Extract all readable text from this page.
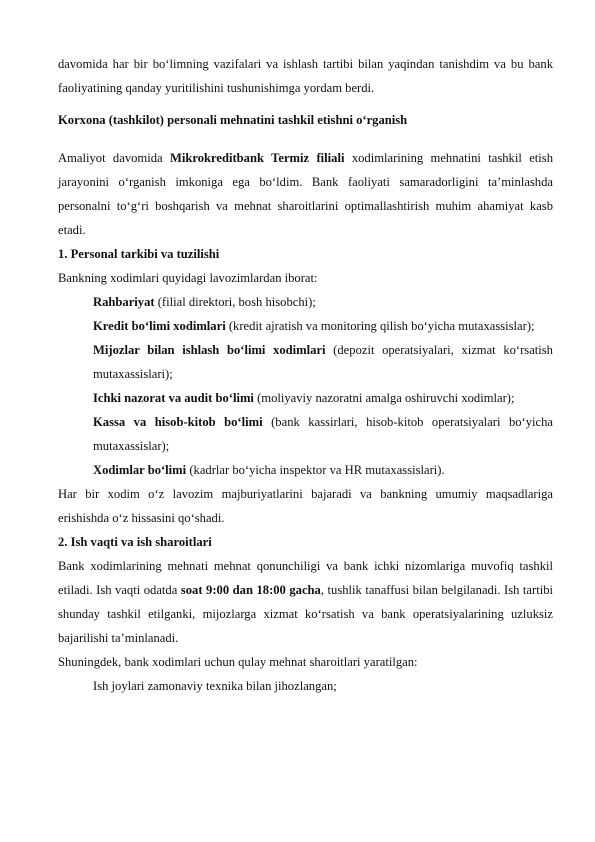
davomida har bir bo‘limning vazifalari va ishlash tartibi bilan yaqindan tanishdim va bu bank faoliyatining qanday yuritilishini tushunishimga yordam berdi.

Korxona (tashkilot) personali mehnatini tashkil etishni o‘rganish

Amaliyot davomida Mikrokreditbank Termiz filiali xodimlarining mehnatini tashkil etish jarayonini o‘rganish imkoniga ega bo‘ldim. Bank faoliyati samaradorligini ta’minlashda personalni to‘g‘ri boshqarish va mehnat sharoitlarini optimallashtirish muhim ahamiyat kasb etadi.

1. Personal tarkibi va tuzilishi

Bankning xodimlari quyidagi lavozimlardan iborat:

Rahbariyat (filial direktori, bosh hisobchi);

Kredit bo‘limi xodimlari (kredit ajratish va monitoring qilish bo‘yicha mutaxassislar);

Mijozlar bilan ishlash bo‘limi xodimlari (depozit operatsiyalari, xizmat ko‘rsatish mutaxassislari);

Ichki nazorat va audit bo‘limi (moliyaviy nazoratni amalga oshiruvchi xodimlar);

Kassa va hisob-kitob bo‘limi (bank kassirlari, hisob-kitob operatsiyalari bo‘yicha mutaxassislar);

Xodimlar bo‘limi (kadrlar bo‘yicha inspektor va HR mutaxassislari).

Har bir xodim o‘z lavozim majburiyatlarini bajaradi va bankning umumiy maqsadlariga erishishda o‘z hissasini qo‘shadi.

2. Ish vaqti va ish sharoitlari

Bank xodimlarining mehnati mehnat qonunchiligi va bank ichki nizomlariga muvofiq tashkil etiladi. Ish vaqti odatda soat 9:00 dan 18:00 gacha, tushlik tanaffusi bilan belgilanadi. Ish tartibi shunday tashkil etilganki, mijozlarga xizmat ko‘rsatish va bank operatsiyalarining uzluksiz bajarilishi ta’minlanadi.

Shuningdek, bank xodimlari uchun qulay mehnat sharoitlari yaratilgan:

Ish joylari zamonaviy texnika bilan jihozlangan;
